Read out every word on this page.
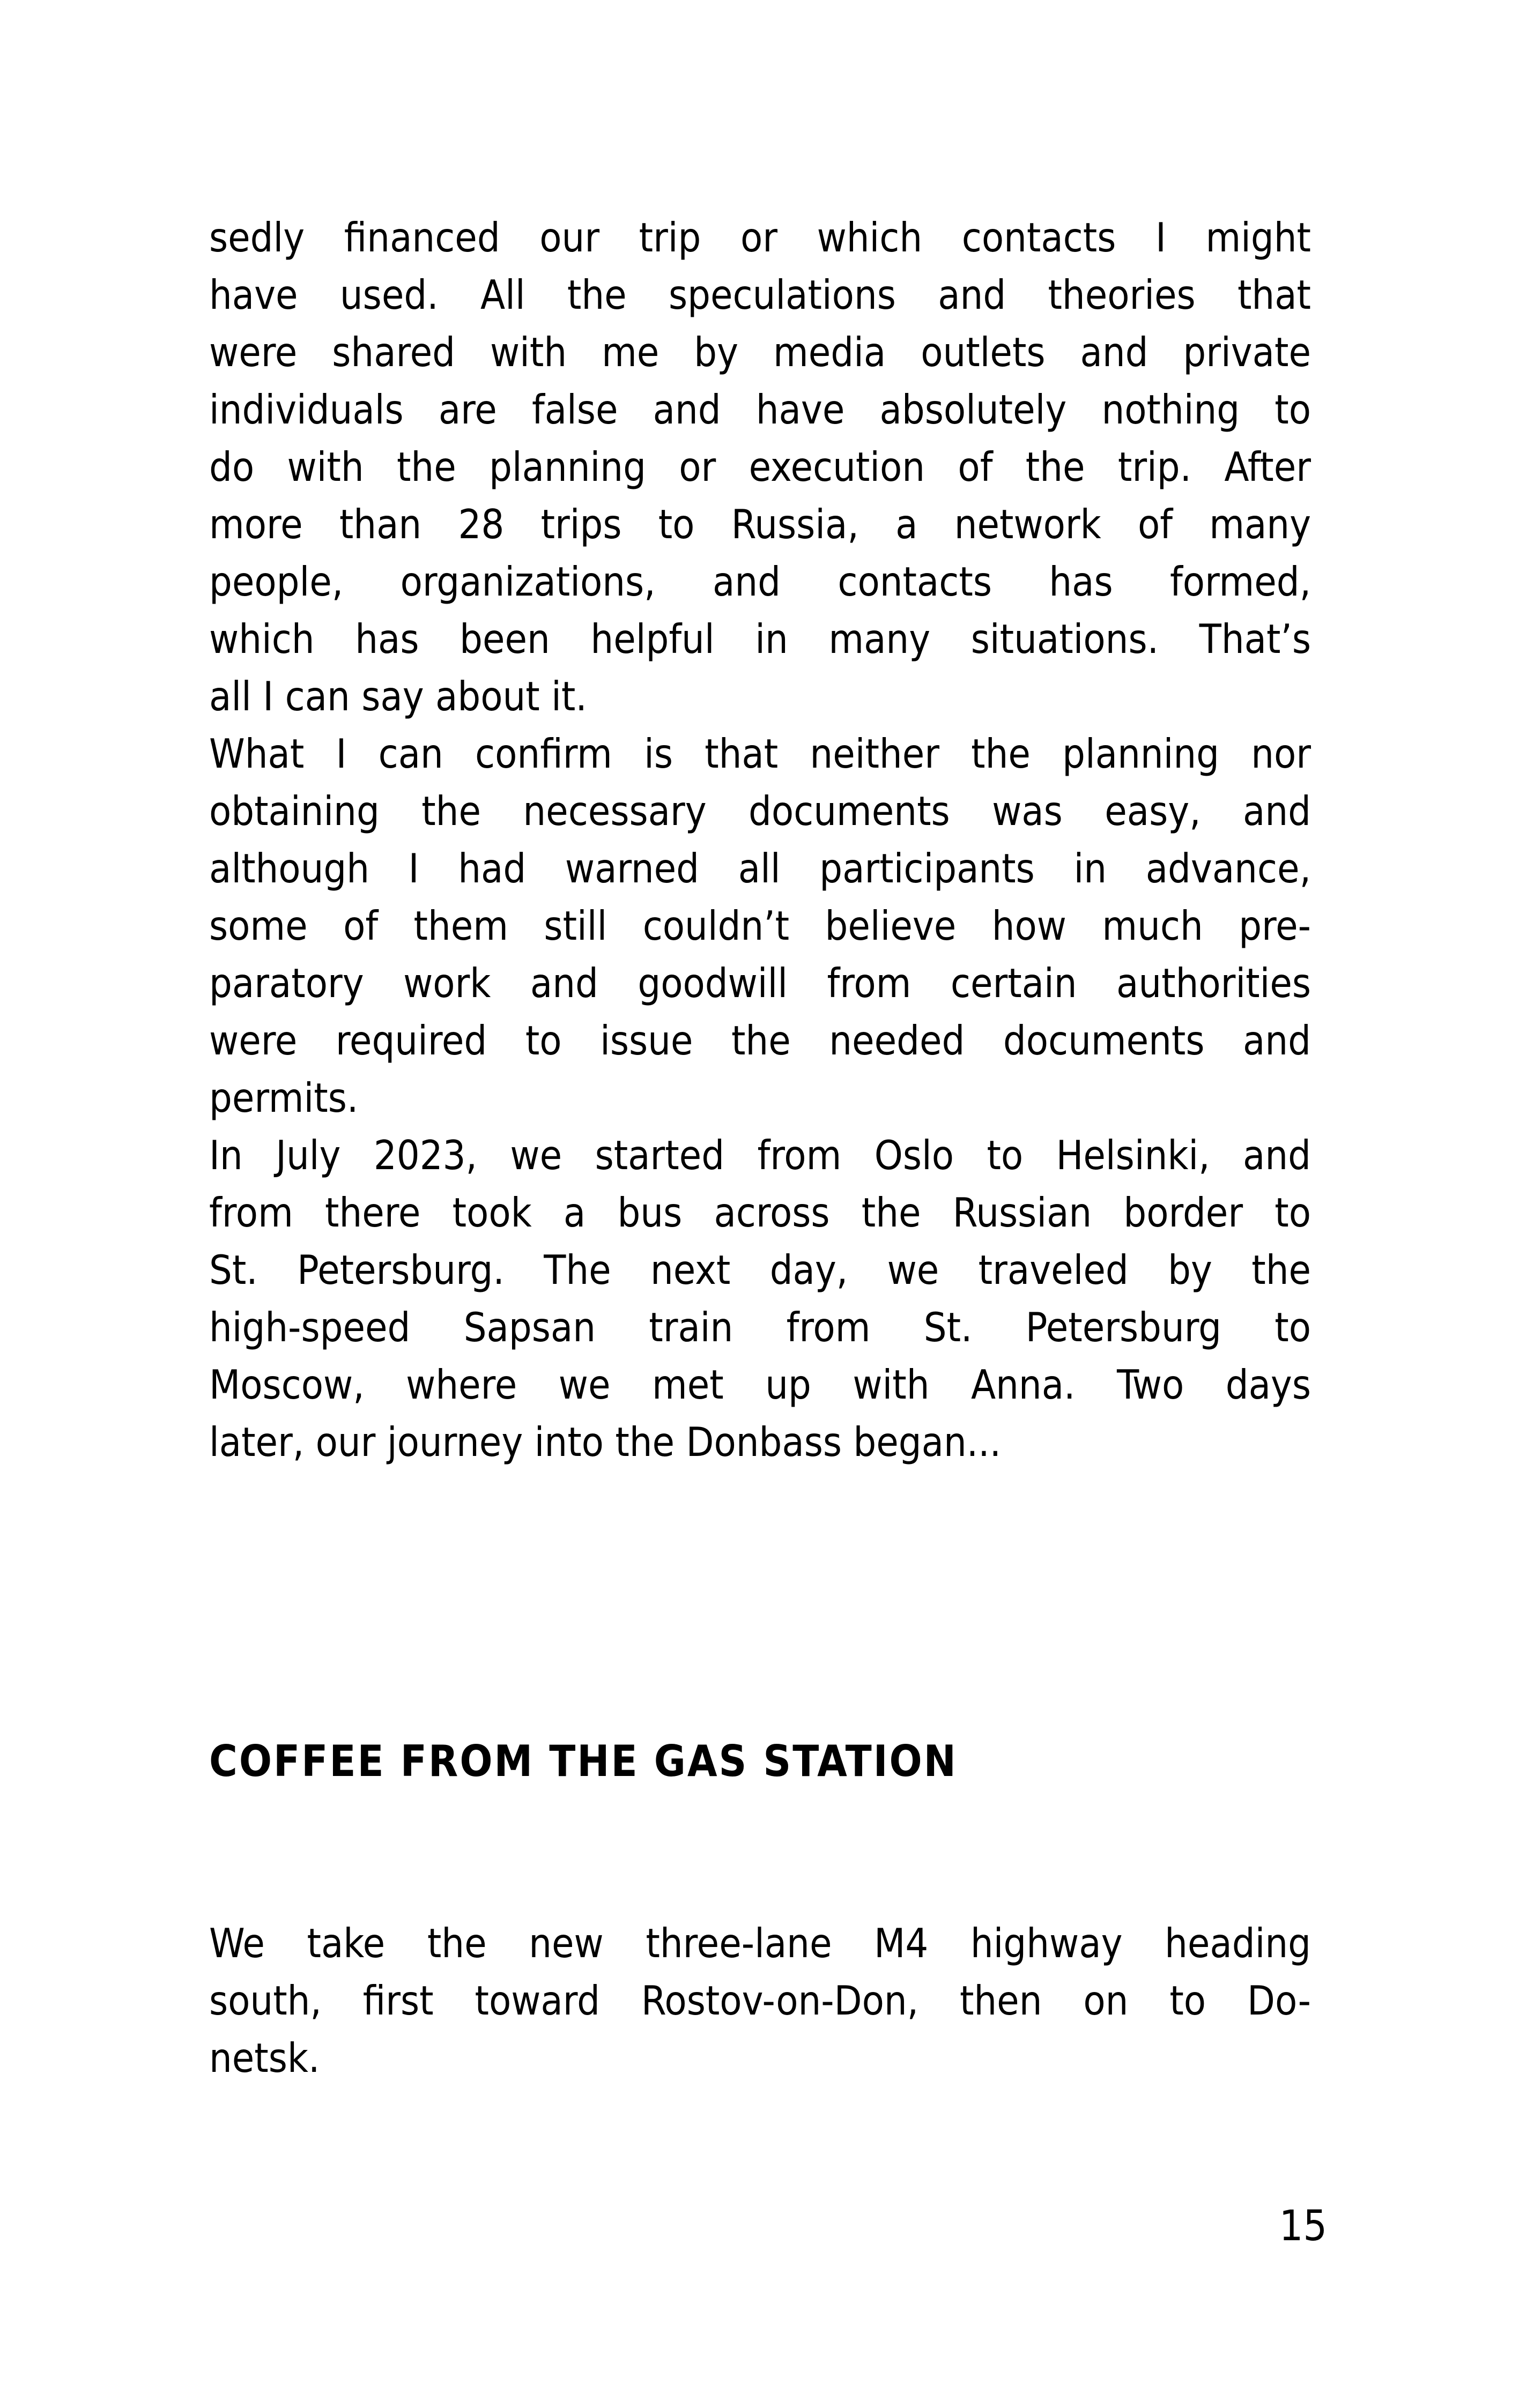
sedly financed our trip or which contacts I might
have used. All the speculations and theories that
were shared with me by media outlets and private
individuals are false and have absolutely nothing to
do with the planning or execution of the trip. After
more than 28 trips to Russia, a network of many
people, organizations, and contacts has formed,
which has been helpful in many situations. That’s
all I can say about it.
What I can confirm is that neither the planning nor
obtaining the necessary documents was easy, and
although I had warned all participants in advance,
some of them still couldn’t believe how much pre-
paratory work and goodwill from certain authorities
were required to issue the needed documents and
permits.
In July 2023, we started from Oslo to Helsinki, and
from there took a bus across the Russian border to
St. Petersburg. The next day, we traveled by the
high-speed Sapsan train from St. Petersburg to
Moscow, where we met up with Anna. Two days
later, our journey into the Donbass began...
COFFEE FROM THE GAS STATION
We take the new three-lane M4 highway heading
south, first toward Rostov-on-Don, then on to Do-
netsk.
15
